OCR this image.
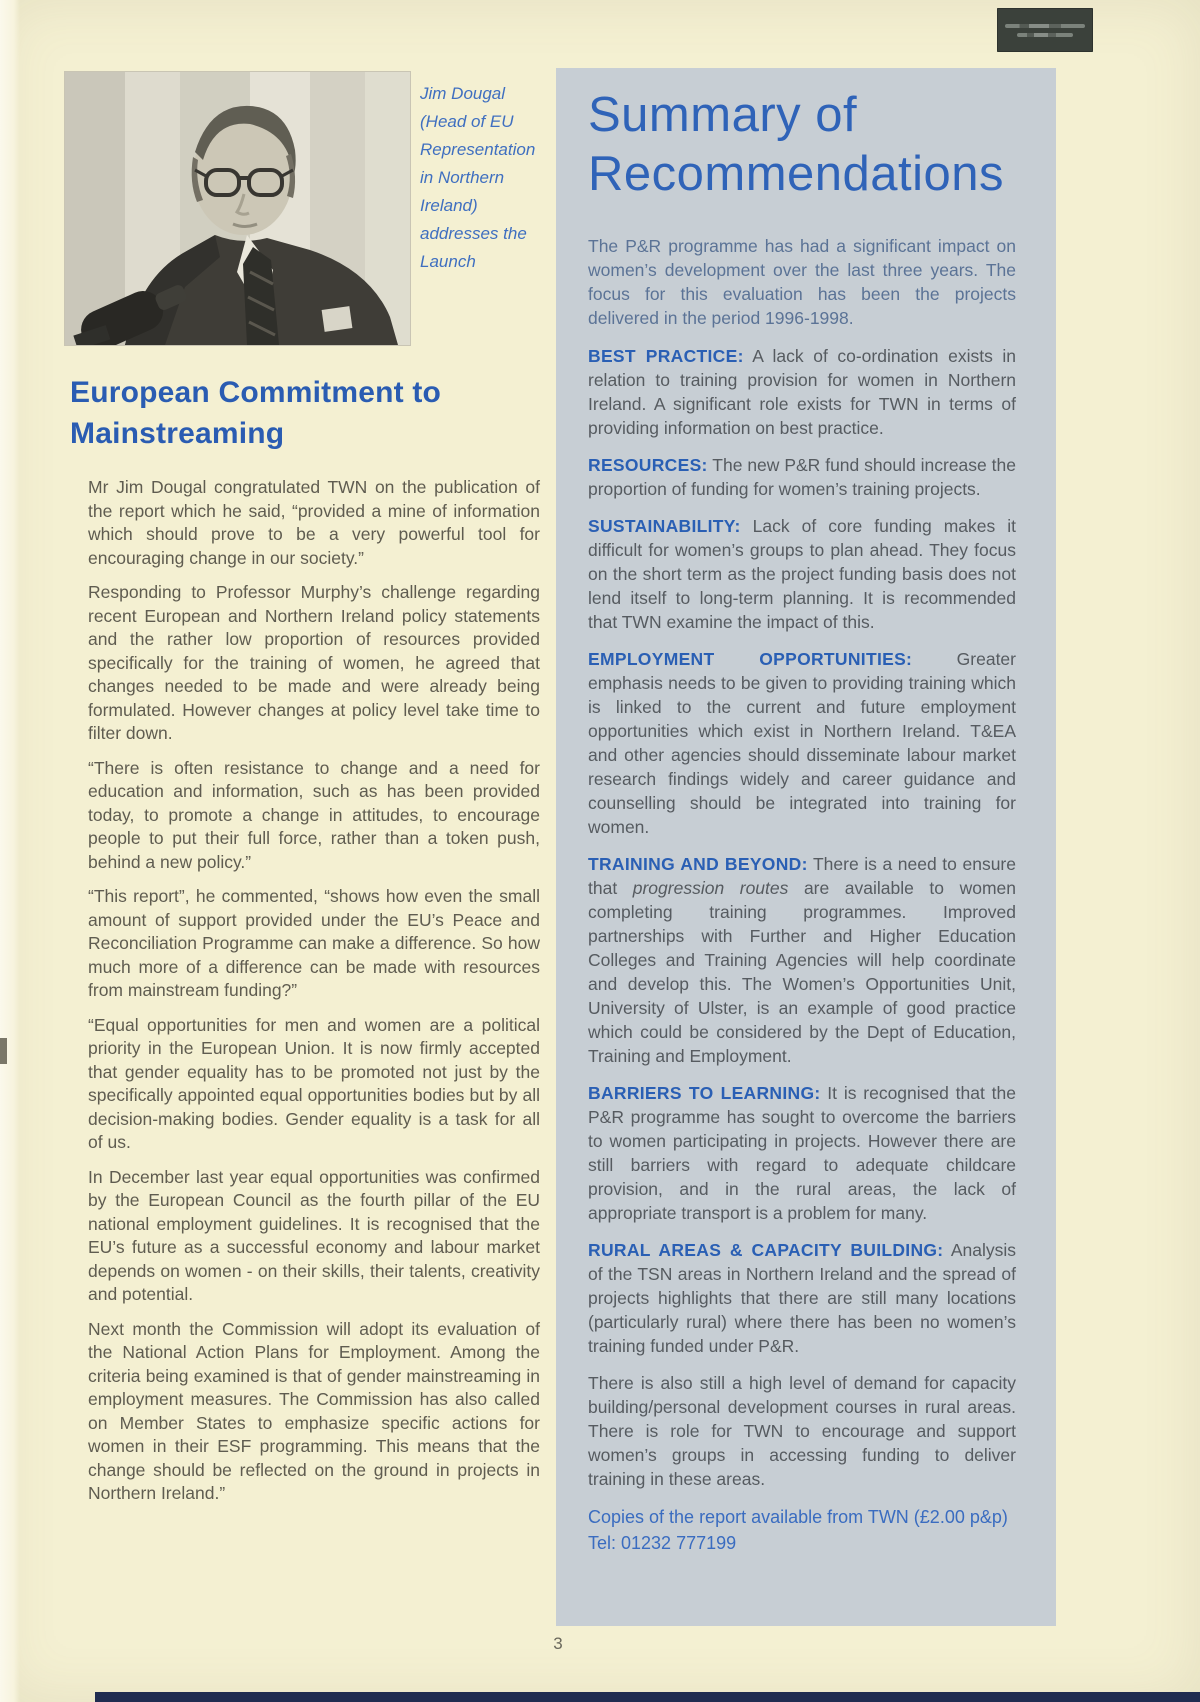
Jim Dougal (Head of EU Representation in Northern Ireland) addresses the Launch
European Commitment to Mainstreaming

Mr Jim Dougal congratulated TWN on the publication of the report which he said, “provided a mine of information which should prove to be a very powerful tool for encouraging change in our society.”

Responding to Professor Murphy’s challenge regarding recent European and Northern Ireland policy statements and the rather low proportion of resources provided specifically for the training of women, he agreed that changes needed to be made and were already being formulated. However changes at policy level take time to filter down.

“There is often resistance to change and a need for education and information, such as has been provided today, to promote a change in attitudes, to encourage people to put their full force, rather than a token push, behind a new policy.”

“This report”, he commented, “shows how even the small amount of support provided under the EU’s Peace and Reconciliation Programme can make a difference. So how much more of a difference can be made with resources from mainstream funding?”

“Equal opportunities for men and women are a political priority in the European Union. It is now firmly accepted that gender equality has to be promoted not just by the specifically appointed equal opportunities bodies but by all decision-making bodies. Gender equality is a task for all of us.

In December last year equal opportunities was confirmed by the European Council as the fourth pillar of the EU national employment guidelines. It is recognised that the EU’s future as a successful economy and labour market depends on women - on their skills, their talents, creativity and potential.

Next month the Commission will adopt its evaluation of the National Action Plans for Employment. Among the criteria being examined is that of gender mainstreaming in employment measures. The Commission has also called on Member States to emphasize specific actions for women in their ESF programming. This means that the change should be reflected on the ground in projects in Northern Ireland.”

Summary of Recommendations

The P&R programme has had a significant impact on women’s development over the last three years. The focus for this evaluation has been the projects delivered in the period 1996-1998.

BEST PRACTICE: A lack of co-ordination exists in relation to training provision for women in Northern Ireland. A significant role exists for TWN in terms of providing information on best practice.

RESOURCES: The new P&R fund should increase the proportion of funding for women’s training projects.

SUSTAINABILITY: Lack of core funding makes it difficult for women’s groups to plan ahead. They focus on the short term as the project funding basis does not lend itself to long-term planning. It is recommended that TWN examine the impact of this.

EMPLOYMENT OPPORTUNITIES: Greater emphasis needs to be given to providing training which is linked to the current and future employment opportunities which exist in Northern Ireland. T&EA and other agencies should disseminate labour market research findings widely and career guidance and counselling should be integrated into training for women.

TRAINING AND BEYOND: There is a need to ensure that progression routes are available to women completing training programmes. Improved partnerships with Further and Higher Education Colleges and Training Agencies will help coordinate and develop this. The Women’s Opportunities Unit, University of Ulster, is an example of good practice which could be considered by the Dept of Education, Training and Employment.

BARRIERS TO LEARNING: It is recognised that the P&R programme has sought to overcome the barriers to women participating in projects. However there are still barriers with regard to adequate childcare provision, and in the rural areas, the lack of appropriate transport is a problem for many.

RURAL AREAS & CAPACITY BUILDING: Analysis of the TSN areas in Northern Ireland and the spread of projects highlights that there are still many locations (particularly rural) where there has been no women’s training funded under P&R.

There is also still a high level of demand for capacity building/personal development courses in rural areas. There is role for TWN to encourage and support women’s groups in accessing funding to deliver training in these areas.

Copies of the report available from TWN (£2.00 p&p)
Tel: 01232 777199

3
